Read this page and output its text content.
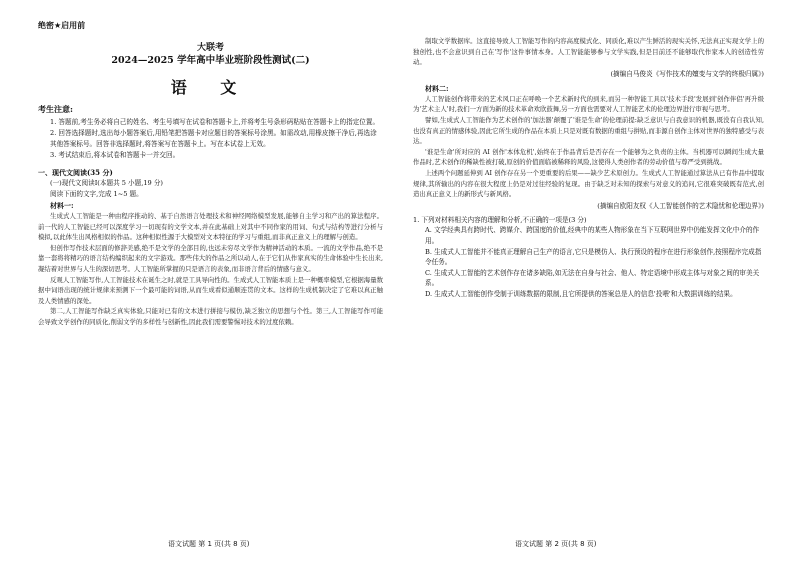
绝密★启用前
大联考
2024—2025 学年高中毕业班阶段性测试(二)
语 文
考生注意:

1. 答题前,考生务必将自己的姓名、考生号填写在试卷和答题卡上,并将考生号条形码粘贴在答题卡上的指定位置。

2. 回答选择题时,选出每小题答案后,用铅笔把答题卡对应题目的答案标号涂黑。如需改动,用橡皮擦干净后,再选涂其他答案标号。回答非选择题时,将答案写在答题卡上。写在本试卷上无效。

3. 考试结束后,将本试卷和答题卡一并交回。

一、现代文阅读(35 分)
(一)现代文阅读Ⅰ(本题共 5 小题,19 分)
阅读下面的文字,完成 1~5 题。
材料一:
生成式人工智能是一种由程序推动的、基于自然语言处理技术和神经网络模型发展,能够自主学习和产出的算法程序。前一代的人工智能已经可以深度学习一切现有的文学文本,并在此基础上对其中不同作家的用词、句式与结构等进行分析与模拟,以此体生出风格相似的作品。这种相似性源于大模型对文本特征的学习与重组,而非真正意义上的理解与创造。
但创作写作技术层面的修辞美感,绝不是文学的全部目的,也远未穷尽文学作为精神活动的本质。一流的文学作品,绝不是靠一套将将精巧的语言结构编织起来的文字游戏。那些伟大的作品之所以动人,在于它们从作家真实的生命体验中生长出来,凝结着对世界与人生的深切思考。人工智能所掌握的只是语言的表象,而非语言背后的情感与意义。
反观人工智能写作,人工智能技术在诞生之时,就是工具导向性的。生成式人工智能本质上是一种概率模型,它根据海量数据中词语出现的统计规律来预测下一个最可能的词语,从而生成看似通顺连贯的文本。这样的生成机制决定了它难以真正触及人类情感的深处。
第二,人工智能写作缺乏真实体验,只能对已有的文本进行拼接与模仿,缺乏独立的思想与个性。第三,人工智能写作可能会导致文学创作的同质化,削弱文学的多样性与创新性,因此我们需要警惕对技术的过度依赖。
语文试题 第 1 页(共 8 页)
制取文学数据库。这直接导致人工智能写作的内容高度模式化、同质化,难以产生鲜活的现实关怀,无法真正实现文学上的独创性,也不会意识到自己在'写作'这件事情本身。人工智能能够参与文学实践,但是目前还不能够取代作家本人的创造性劳动。
(摘编自马俊炎《写作技术的嬗变与文学的终极归属》)
材料二:
人工智能创作将带来的艺术风口正在呼唤一个艺术新时代的到来,而另一种智能工具以'技术手段'发展到'创作伴侣'再升级为'艺术主人'时,我们一方面为新的技术革命欢欣鼓舞,另一方面也需要对人工智能艺术的伦理边界进行审视与思考。
譬如,生成式人工智能作为艺术创作的'加法器'颠覆了'谁是生命'的伦理前提:缺乏意识与自我意识的机器,既没有自我认知,也没有真正的情感体验,因此它所生成的作品在本质上只是对既有数据的重组与拼贴,而非源自创作主体对世界的独特感受与表达。
'谁是生命'所对应的 AI 创作'本体危机',始终在于作品背后是否存在一个能够为之负责的主体。当机器可以瞬间生成大量作品时,艺术创作的稀缺性被打破,原创的价值面临被稀释的风险,这使得人类创作者的劳动价值与尊严受到挑战。
上述两个问题延伸到 AI 创作存在另一个更重要的后果——缺少艺术原创力。生成式人工智能通过算法从已有作品中提取规律,其所输出的内容在很大程度上仍是对过往经验的复现。由于缺乏对未知的探索与对意义的追问,它很难突破既有范式,创造出真正意义上的新形式与新风格。
(摘编自欧阳友权《人工智能创作的艺术隐忧和伦理边界》)
1. 下列对材料相关内容的理解和分析,不正确的一项是(3 分)
A. 文学经典具有跨时代、跨媒介、跨国度的价值,经典中的某些人物形象在当下互联网世界中仍能发挥文化中介的作用。
B. 生成式人工智能并不能真正理解自己生产的语言,它只是模仿人、执行预设的程序在进行形象创作,按照程序完成指令任务。
C. 生成式人工智能的艺术创作存在诸多缺陷,如无法在自身与社会、他人、特定语境中形成主体与对象之间的审美关系。
D. 生成式人工智能创作受制于训练数据的限制,且它所提供的答案总是人的信息'投喂'和大数据训练的结果。
语文试题 第 2 页(共 8 页)
